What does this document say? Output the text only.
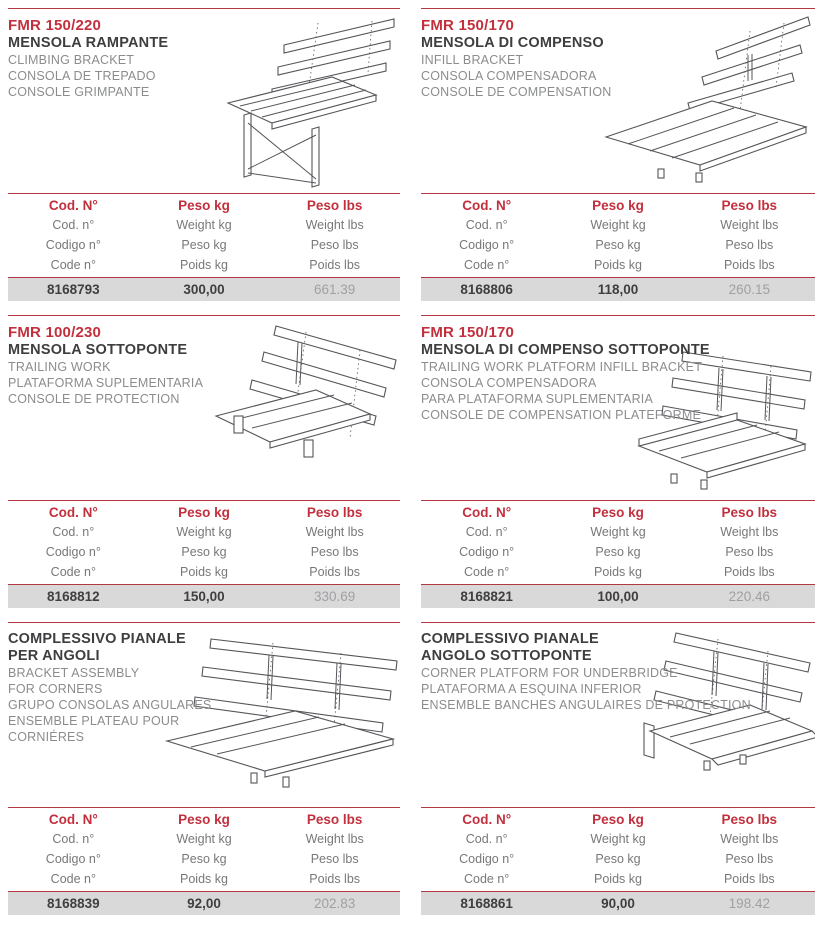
FMR 150/220
MENSOLA RAMPANTE
CLIMBING BRACKET
CONSOLA DE TREPADO
CONSOLE GRIMPANTE
Cod. N°	Peso kg	Peso lbs
Cod. n°	Weight kg	Weight lbs
Codigo n°	Peso kg	Peso lbs
Code n°	Poids kg	Poids lbs
8168793	300,00	661.39
FMR 150/170
MENSOLA DI COMPENSO
INFILL BRACKET
CONSOLA COMPENSADORA
CONSOLE DE COMPENSATION
Cod. N°	Peso kg	Peso lbs
Cod. n°	Weight kg	Weight lbs
Codigo n°	Peso kg	Peso lbs
Code n°	Poids kg	Poids lbs
8168806	118,00	260.15
FMR 100/230
MENSOLA SOTTOPONTE
TRAILING WORK
PLATAFORMA SUPLEMENTARIA
CONSOLE DE PROTECTION
Cod. N°	Peso kg	Peso lbs
Cod. n°	Weight kg	Weight lbs
Codigo n°	Peso kg	Peso lbs
Code n°	Poids kg	Poids lbs
8168812	150,00	330.69
FMR 150/170
MENSOLA DI COMPENSO SOTTOPONTE
TRAILING WORK PLATFORM INFILL BRACKET
CONSOLA COMPENSADORA
PARA PLATAFORMA SUPLEMENTARIA
CONSOLE DE COMPENSATION PLATEFORME
Cod. N°	Peso kg	Peso lbs
Cod. n°	Weight kg	Weight lbs
Codigo n°	Peso kg	Peso lbs
Code n°	Poids kg	Poids lbs
8168821	100,00	220.46
COMPLESSIVO PIANALE
PER ANGOLI
BRACKET ASSEMBLY
FOR CORNERS
GRUPO CONSOLAS ANGULARES
ENSEMBLE PLATEAU POUR
CORNIÉRES
Cod. N°	Peso kg	Peso lbs
Cod. n°	Weight kg	Weight lbs
Codigo n°	Peso kg	Peso lbs
Code n°	Poids kg	Poids lbs
8168839	92,00	202.83
COMPLESSIVO PIANALE
ANGOLO SOTTOPONTE
CORNER PLATFORM FOR UNDERBRIDGE
PLATAFORMA A ESQUINA INFERIOR
ENSEMBLE BANCHES ANGULAIRES DE PROTECTION
Cod. N°	Peso kg	Peso lbs
Cod. n°	Weight kg	Weight lbs
Codigo n°	Peso kg	Peso lbs
Code n°	Poids kg	Poids lbs
8168861	90,00	198.42
